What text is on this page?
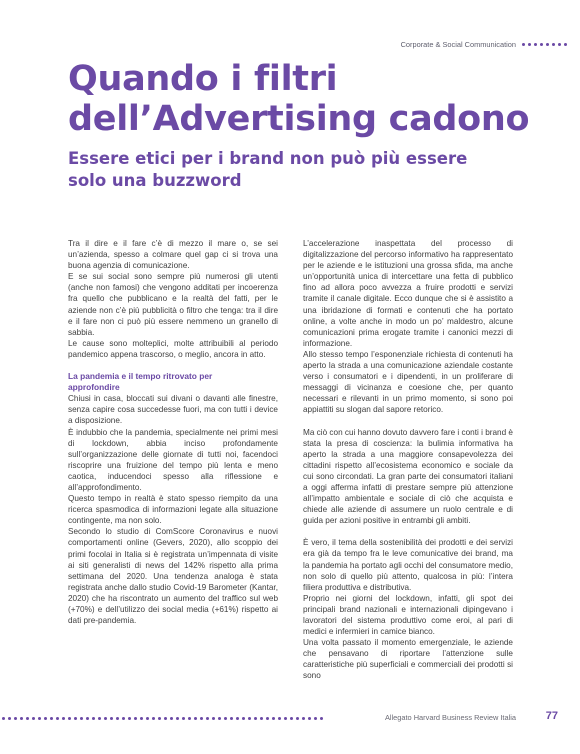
Corporate & Social Communication
Quando i filtri dell’Advertising cadono
Essere etici per i brand non può più essere solo una buzzword

Tra il dire e il fare c’è di mezzo il mare o, se sei un’azienda, spesso a colmare quel gap ci si trova una buona agenzia di comunicazione.

E se sui social sono sempre più numerosi gli utenti (anche non famosi) che vengono additati per incoerenza fra quello che pubblicano e la realtà del fatti, per le aziende non c’è più pubblicità o filtro che tenga: tra il dire e il fare non ci può più essere nemmeno un granello di sabbia.

Le cause sono molteplici, molte attribuibili al periodo pandemico appena trascorso, o meglio, ancora in atto.

La pandemia e il tempo ritrovato per approfondire

Chiusi in casa, bloccati sui divani o davanti alle finestre, senza capire cosa succedesse fuori, ma con tutti i device a disposizione.

È indubbio che la pandemia, specialmente nei primi mesi di lockdown, abbia inciso profondamente sull’organizzazione delle giornate di tutti noi, facendoci riscoprire una fruizione del tempo più lenta e meno caotica, inducendoci spesso alla riflessione e all’approfondimento.

Questo tempo in realtà è stato spesso riempito da una ricerca spasmodica di informazioni legate alla situazione contingente, ma non solo.

Secondo lo studio di ComScore Coronavirus e nuovi comportamenti online (Gevers, 2020), allo scoppio dei primi focolai in Italia si è registrata un’impennata di visite ai siti generalisti di news del 142% rispetto alla prima settimana del 2020. Una tendenza analoga è stata registrata anche dallo studio Covid-19 Barometer (Kantar, 2020) che ha riscontrato un aumento del traffico sul web (+70%) e dell’utilizzo dei social media (+61%) rispetto ai dati pre-pandemia.

L’accelerazione inaspettata del processo di digitalizzazione del percorso informativo ha rappresentato per le aziende e le istituzioni una grossa sfida, ma anche un’opportunità unica di intercettare una fetta di pubblico fino ad allora poco avvezza a fruire prodotti e servizi tramite il canale digitale. Ecco dunque che si è assistito a una ibridazione di formati e contenuti che ha portato online, a volte anche in modo un po’ maldestro, alcune comunicazioni prima erogate tramite i canonici mezzi di informazione.

Allo stesso tempo l’esponenziale richiesta di contenuti ha aperto la strada a una comunicazione aziendale costante verso i consumatori e i dipendenti, in un proliferare di messaggi di vicinanza e coesione che, per quanto necessari e rilevanti in un primo momento, si sono poi appiattiti su slogan dal sapore retorico.

Ma ciò con cui hanno dovuto davvero fare i conti i brand è stata la presa di coscienza: la bulimia informativa ha aperto la strada a una maggiore consapevolezza dei cittadini rispetto all’ecosistema economico e sociale da cui sono circondati. La gran parte dei consumatori italiani a oggi afferma infatti di prestare sempre più attenzione all’impatto ambientale e sociale di ciò che acquista e chiede alle aziende di assumere un ruolo centrale e di guida per azioni positive in entrambi gli ambiti.

È vero, il tema della sostenibilità dei prodotti e dei servizi era già da tempo fra le leve comunicative dei brand, ma la pandemia ha portato agli occhi del consumatore medio, non solo di quello più attento, qualcosa in più: l’intera filiera produttiva e distributiva.

Proprio nei giorni del lockdown, infatti, gli spot dei principali brand nazionali e internazionali dipingevano i lavoratori del sistema produttivo come eroi, al pari di medici e infermieri in camice bianco.

Una volta passato il momento emergenziale, le aziende che pensavano di riportare l’attenzione sulle caratteristiche più superficiali e commerciali dei prodotti si sono

Allegato Harvard Business Review Italia	77
